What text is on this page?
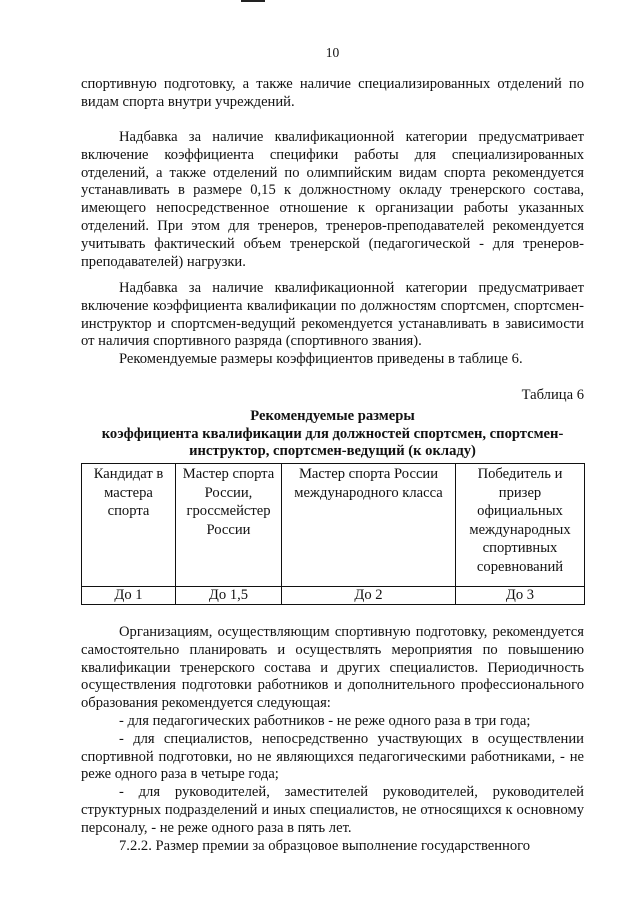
10

спортивную подготовку, а также наличие специализированных отделений по видам спорта внутри учреждений.

Надбавка за наличие квалификационной категории предусматривает включение коэффициента специфики работы для специализированных отделений, а также отделений по олимпийским видам спорта рекомендуется устанавливать в размере 0,15 к должностному окладу тренерского состава, имеющего непосредственное отношение к организации работы указанных отделений. При этом для тренеров, тренеров-преподавателей рекомендуется учитывать фактический объем тренерской (педагогической - для тренеров-преподавателей) нагрузки.

Надбавка за наличие квалификационной категории предусматривает включение коэффициента квалификации по должностям спортсмен, спортсмен-инструктор и спортсмен-ведущий рекомендуется устанавливать в зависимости от наличия спортивного разряда (спортивного звания).

Рекомендуемые размеры коэффициентов приведены в таблице 6.

Таблица 6

Рекомендуемые размеры
коэффициента квалификации для должностей спортсмен, спортсмен-
инструктор, спортсмен-ведущий (к окладу)
Кандидат в мастера спорта	Мастер спорта России, гроссмейстер России	Мастер спорта России международного класса	Победитель и призер официальных международных спортивных соревнований
До 1	До 1,5	До 2	До 3

Организациям, осуществляющим спортивную подготовку, рекомендуется самостоятельно планировать и осуществлять мероприятия по повышению квалификации тренерского состава и других специалистов. Периодичность осуществления подготовки работников и дополнительного профессионального образования рекомендуется следующая:

- для педагогических работников - не реже одного раза в три года;

- для специалистов, непосредственно участвующих в осуществлении спортивной подготовки, но не являющихся педагогическими работниками, - не реже одного раза в четыре года;

- для руководителей, заместителей руководителей, руководителей структурных подразделений и иных специалистов, не относящихся к основному персоналу, - не реже одного раза в пять лет.

7.2.2. Размер премии за образцовое выполнение государственного
